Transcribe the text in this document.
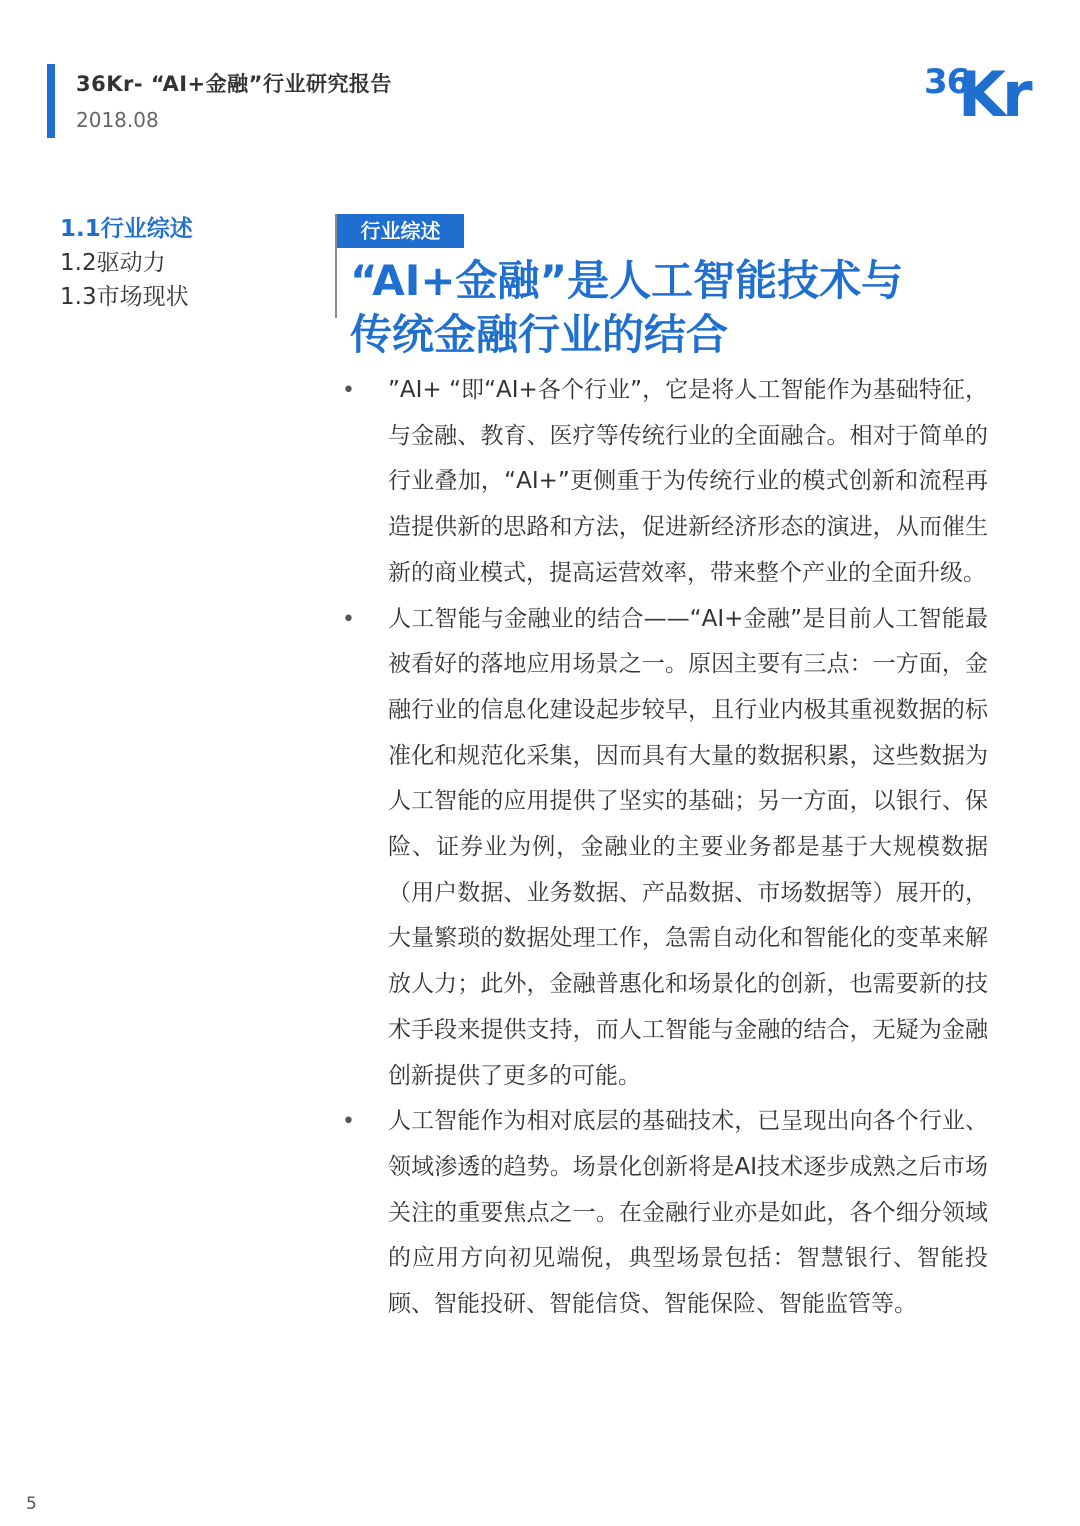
36Kr- “AI+金融”行业研究报告
2018.08
36
Kr
1.1行业综述
1.2驱动力
1.3市场现状
行业综述
“AI+金融”是人工智能技术与
传统金融行业的结合
•	”AI+ “即“AI+各个行业”，它是将人工智能作为基础特征，与金融、教育、医疗等传统行业的全面融合。相对于简单的行业叠加，“AI+”更侧重于为传统行业的模式创新和流程再造提供新的思路和方法，促进新经济形态的演进，从而催生新的商业模式，提高运营效率，带来整个产业的全面升级。
•	人工智能与金融业的结合——“AI+金融”是目前人工智能最被看好的落地应用场景之一。原因主要有三点：一方面，金融行业的信息化建设起步较早，且行业内极其重视数据的标准化和规范化采集，因而具有大量的数据积累，这些数据为人工智能的应用提供了坚实的基础；另一方面，以银行、保险、证券业为例，金融业的主要业务都是基于大规模数据（用户数据、业务数据、产品数据、市场数据等）展开的，大量繁琐的数据处理工作，急需自动化和智能化的变革来解放人力；此外，金融普惠化和场景化的创新，也需要新的技术手段来提供支持，而人工智能与金融的结合，无疑为金融创新提供了更多的可能。
•	人工智能作为相对底层的基础技术，已呈现出向各个行业、领域渗透的趋势。场景化创新将是AI技术逐步成熟之后市场关注的重要焦点之一。在金融行业亦是如此，各个细分领域的应用方向初见端倪，典型场景包括：智慧银行、智能投顾、智能投研、智能信贷、智能保险、智能监管等。
5
